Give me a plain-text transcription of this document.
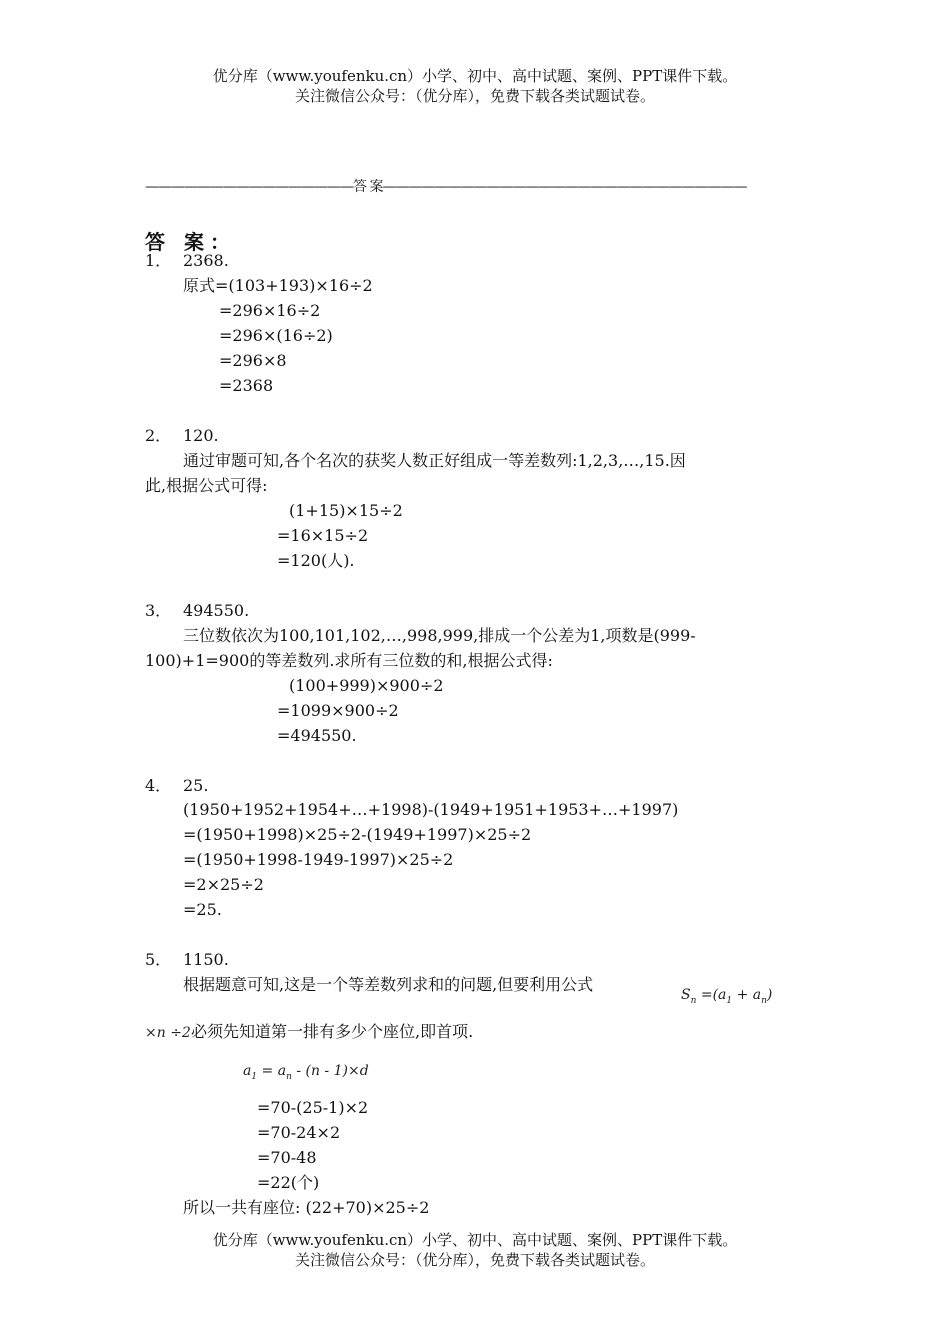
优分库（www.youfenku.cn）小学、初中、高中试题、案例、PPT课件下载。
关注微信公众号：（优分库），免费下载各类试题试卷。
————————————————答 案————————————————————————————
答 案：
1． 2368.
原式=(103+193)×16÷2
=296×16÷2
=296×(16÷2)
=296×8
=2368
2． 120.
通过审题可知,各个名次的获奖人数正好组成一等差数列:1,2,3,…,15.因
此,根据公式可得:
(1+15)×15÷2
=16×15÷2
=120(人).
3． 494550.
三位数依次为100,101,102,…,998,999,排成一个公差为1,项数是(999-
100)+1=900的等差数列.求所有三位数的和,根据公式得:
(100+999)×900÷2
=1099×900÷2
=494550.
4． 25.
(1950+1952+1954+…+1998)-(1949+1951+1953+…+1997)
=(1950+1998)×25÷2-(1949+1997)×25÷2
=(1950+1998-1949-1997)×25÷2
=2×25÷2
=25.
5． 1150.
根据题意可知,这是一个等差数列求和的问题,但要利用公式
$S_n =(a_1 + a_n)$
×n ÷2 必须先知道第一排有多少个座位,即首项.
$a_1 = a_n - (n - 1)\times d$
=70-(25-1)×2
=70-24×2
=70-48
=22(个)
所以一共有座位: (22+70)×25÷2
优分库（www.youfenku.cn）小学、初中、高中试题、案例、PPT课件下载。
关注微信公众号：（优分库），免费下载各类试题试卷。
